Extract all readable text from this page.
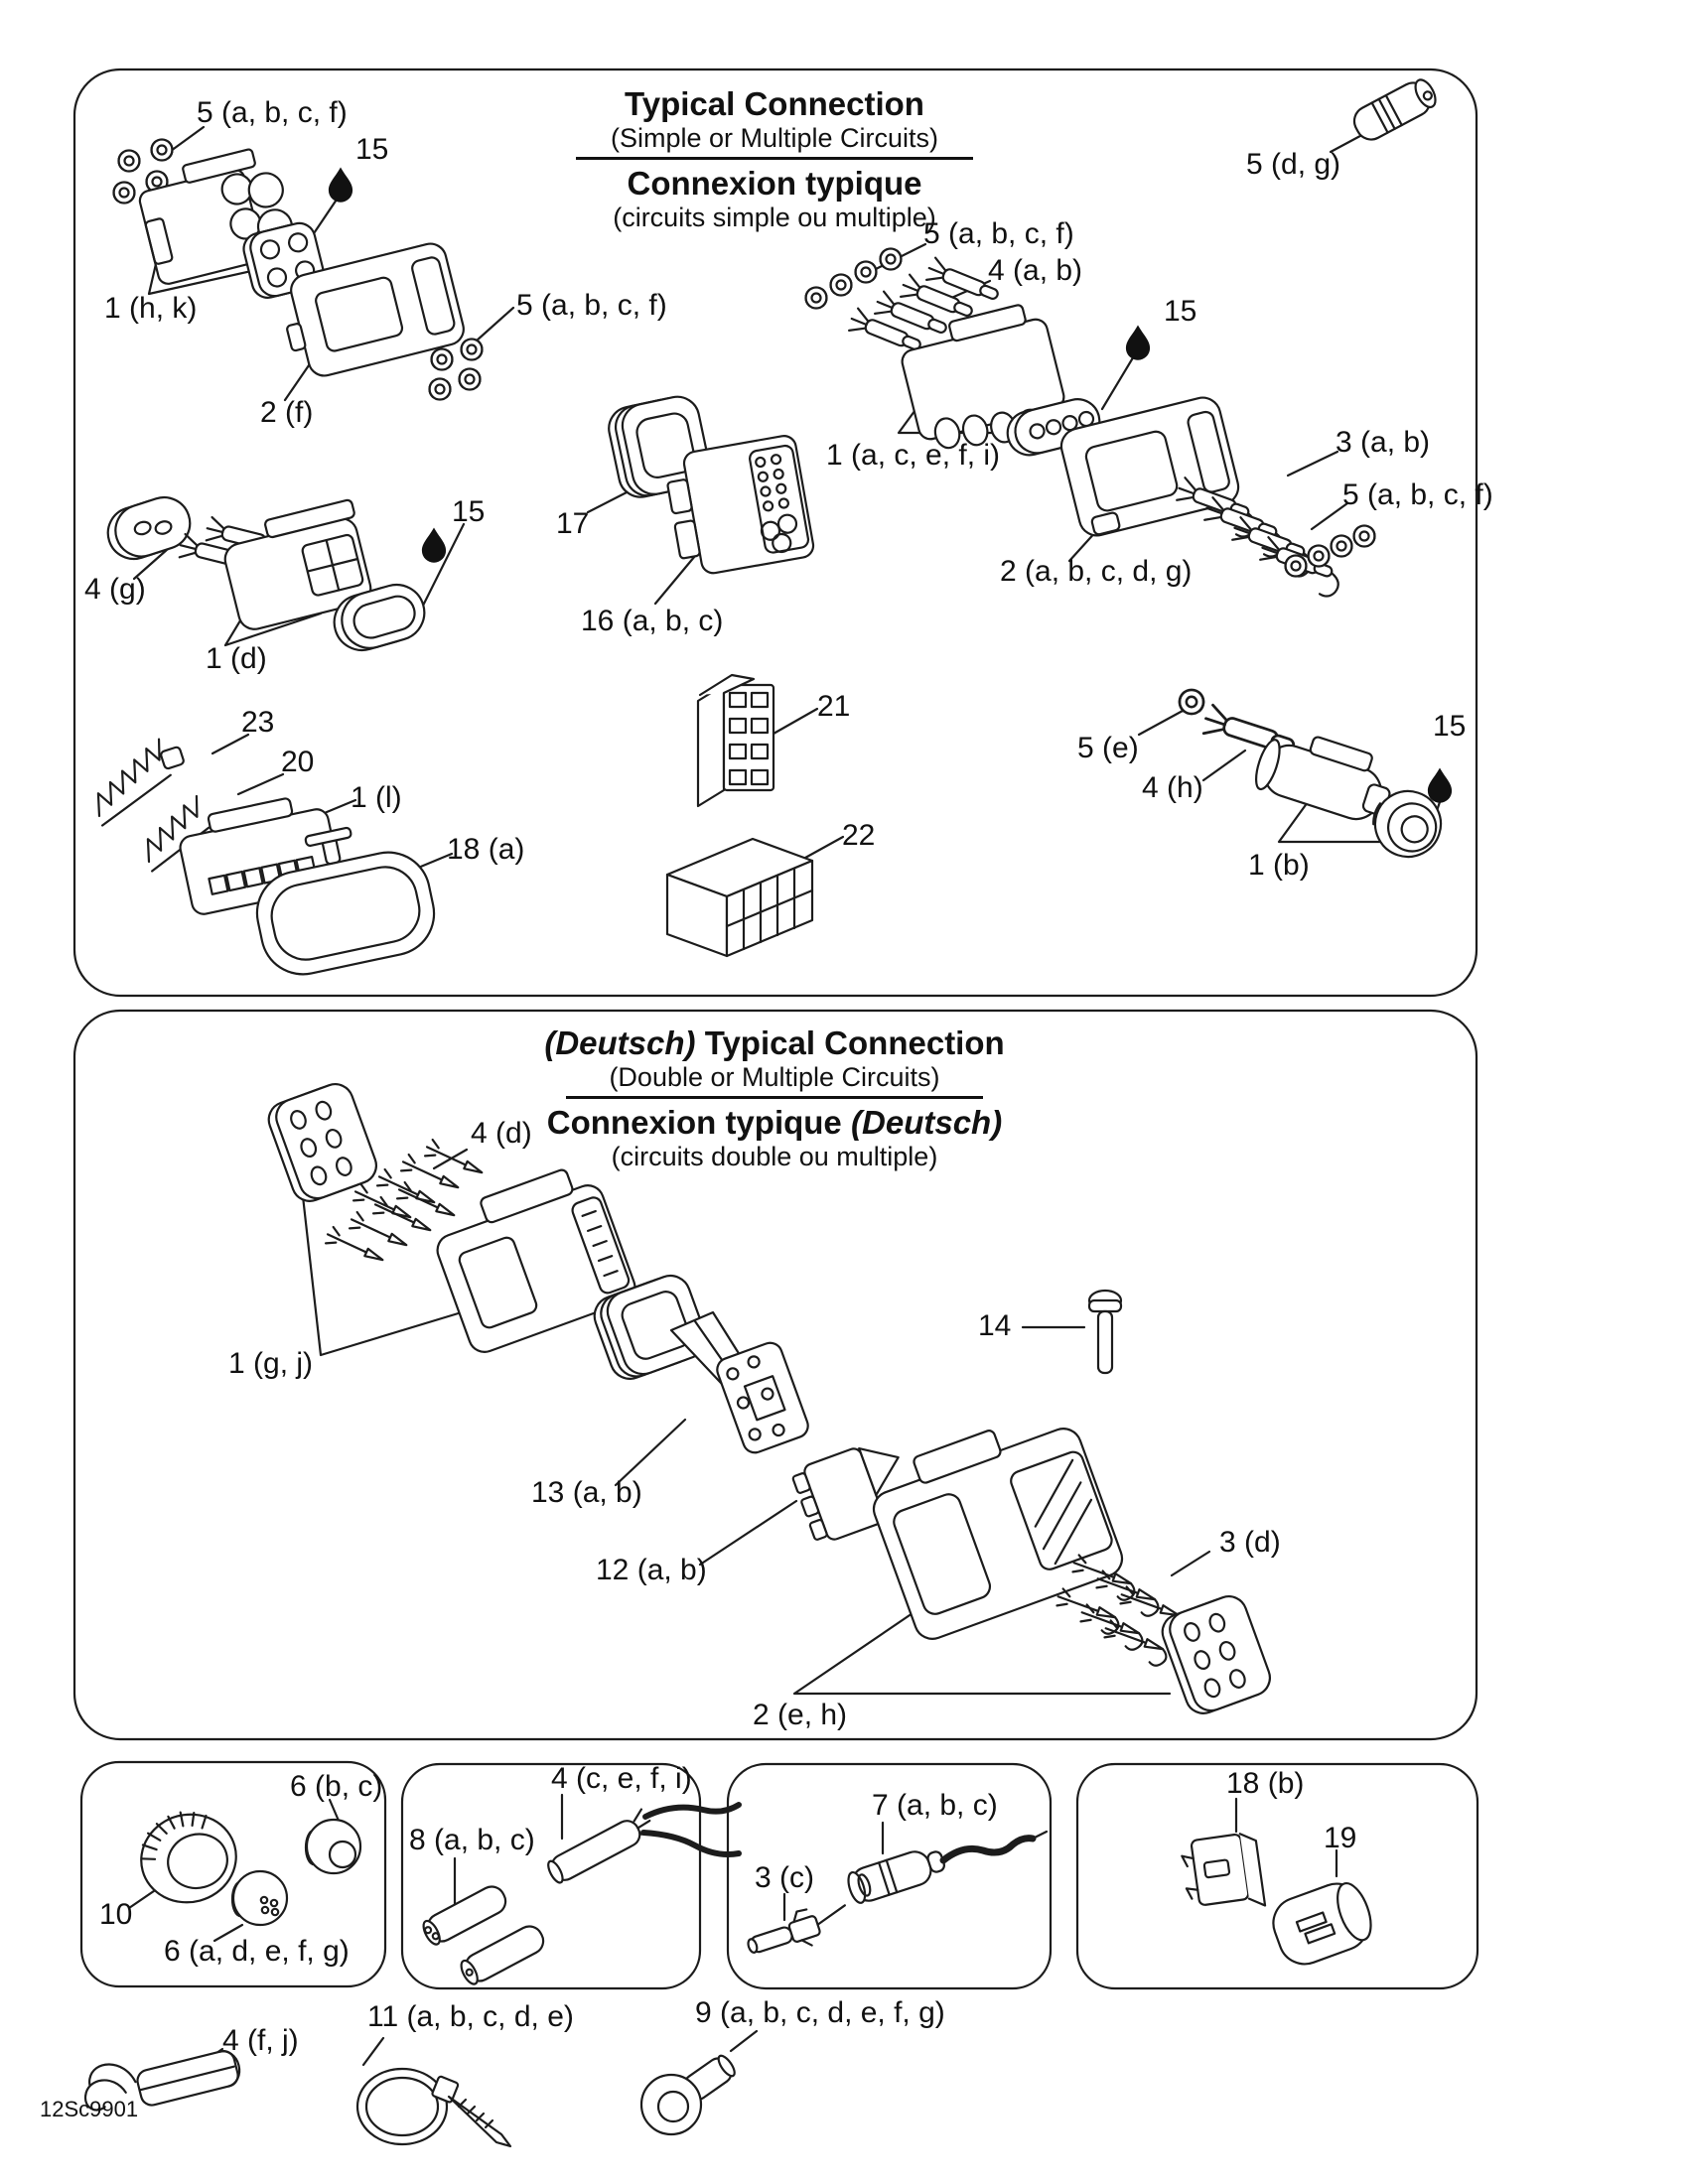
Typical Connection
(Simple or Multiple Circuits)
Connexion typique
(circuits simple ou multiple)
(Deutsch) Typical Connection
(Double or Multiple Circuits)
Connexion typique (Deutsch)
(circuits double ou multiple)
5 (a, b, c, f)
15
1 (h, k)
2 (f)
5 (a, b, c, f)
17
16 (a, b, c)
4 (g)
15
1 (d)
23
20
1 (l)
18 (a)
21
22
5 (a, b, c, f)
4 (a, b)
15
1 (a, c, e, f, i)
2 (a, b, c, d, g)
3 (a, b)
5 (a, b, c, f)
5 (d, g)
5 (e)
4 (h)
15
1 (b)
4 (d)
1 (g, j)
14
13 (a, b)
12 (a, b)
3 (d)
2 (e, h)
6 (b, c)
10
6 (a, d, e, f, g)
4 (c, e, f, i)
8 (a, b, c)
7 (a, b, c)
3 (c)
18 (b)
19
4 (f, j)
11 (a, b, c, d, e)	9 (a, b, c, d, e, f, g)
12Sc9901
